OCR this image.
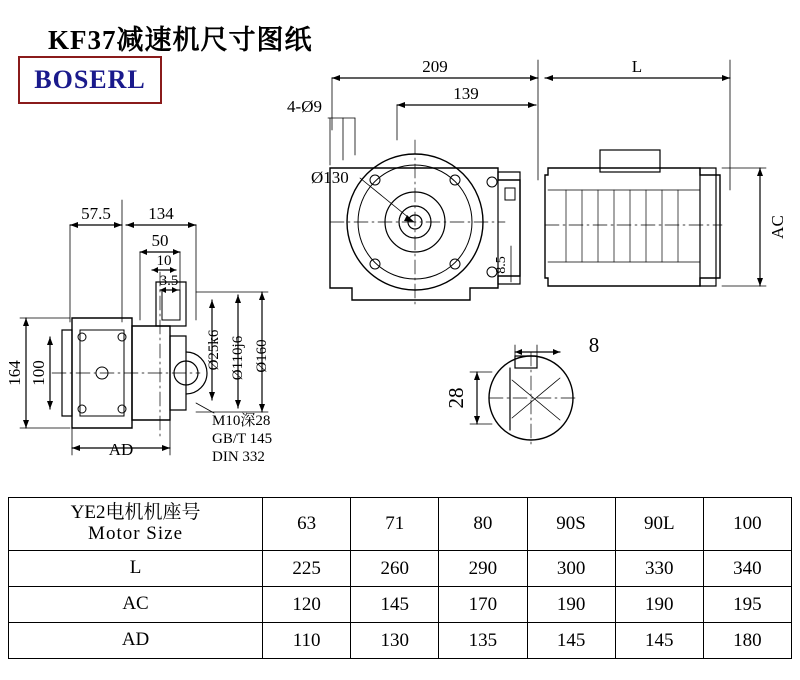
KF37减速机尺寸图纸
BOSERL	209	L
4-Ø9
139
Ø130
AC
8.5
57.5 134
50
10
3.5
164 100
AD
Ø25k6 Ø110j6 Ø160
M10深28
GB/T 145
DIN 332
8
28
YE2电机机座号
Motor Size	63	71	80	90S	90L	100
L	225	260	290	300	330	340
AC	120	145	170	190	190	195
AD	110	130	135	145	145	180
